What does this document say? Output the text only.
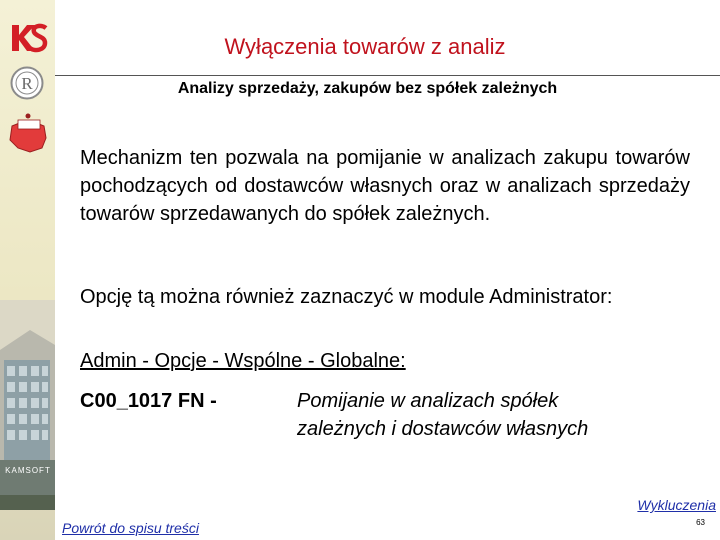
R
KAMSOFT
Wyłączenia towarów z analiz
Analizy sprzedaży, zakupów bez spółek zależnych
Mechanizm ten pozwala na pomijanie w analizach zakupu towarów pochodzących od dostawców własnych oraz w analizach sprzedaży towarów sprzedawanych do spółek zależnych.
Opcję tą można również zaznaczyć w module Administrator:
Admin - Opcje - Wspólne - Globalne:
C00_1017 FN -	Pomijanie w analizach spółek zależnych i dostawców własnych
Wykluczenia
Powrót do spisu treści	63
